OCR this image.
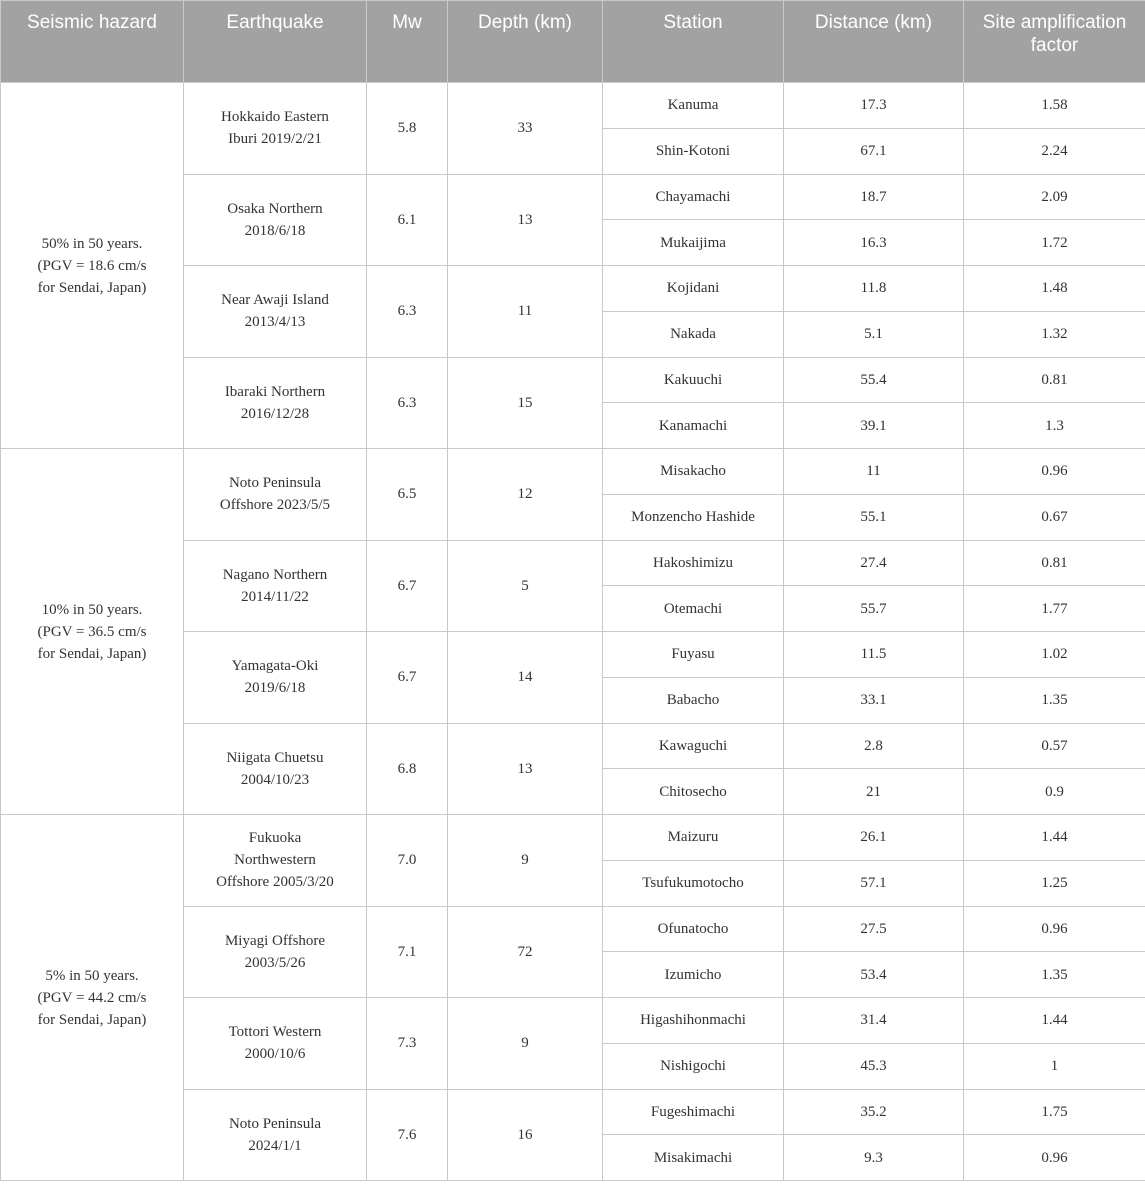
Seismic hazard	Earthquake	Mw	Depth (km)	Station	Distance (km)	Site amplification factor
50% in 50 years.
(PGV = 18.6 cm/s
for Sendai, Japan)	Hokkaido Eastern
Iburi 2019/2/21	5.8	33	Kanuma	17.3	1.58
				Shin-Kotoni	67.1	2.24
	Osaka Northern
2018/6/18	6.1	13	Chayamachi	18.7	2.09
				Mukaijima	16.3	1.72
	Near Awaji Island
2013/4/13	6.3	11	Kojidani	11.8	1.48
				Nakada	5.1	1.32
	Ibaraki Northern
2016/12/28	6.3	15	Kakuuchi	55.4	0.81
				Kanamachi	39.1	1.3
10% in 50 years.
(PGV = 36.5 cm/s
for Sendai, Japan)	Noto Peninsula
Offshore 2023/5/5	6.5	12	Misakacho	11	0.96
				Monzencho Hashide	55.1	0.67
	Nagano Northern
2014/11/22	6.7	5	Hakoshimizu	27.4	0.81
				Otemachi	55.7	1.77
	Yamagata-Oki
2019/6/18	6.7	14	Fuyasu	11.5	1.02
				Babacho	33.1	1.35
	Niigata Chuetsu
2004/10/23	6.8	13	Kawaguchi	2.8	0.57
				Chitosecho	21	0.9
5% in 50 years.
(PGV = 44.2 cm/s
for Sendai, Japan)	Fukuoka
Northwestern
Offshore 2005/3/20	7.0	9	Maizuru	26.1	1.44
				Tsufukumotocho	57.1	1.25
	Miyagi Offshore
2003/5/26	7.1	72	Ofunatocho	27.5	0.96
				Izumicho	53.4	1.35
	Tottori Western
2000/10/6	7.3	9	Higashihonmachi	31.4	1.44
				Nishigochi	45.3	1
	Noto Peninsula
2024/1/1	7.6	16	Fugeshimachi	35.2	1.75
				Misakimachi	9.3	0.96
